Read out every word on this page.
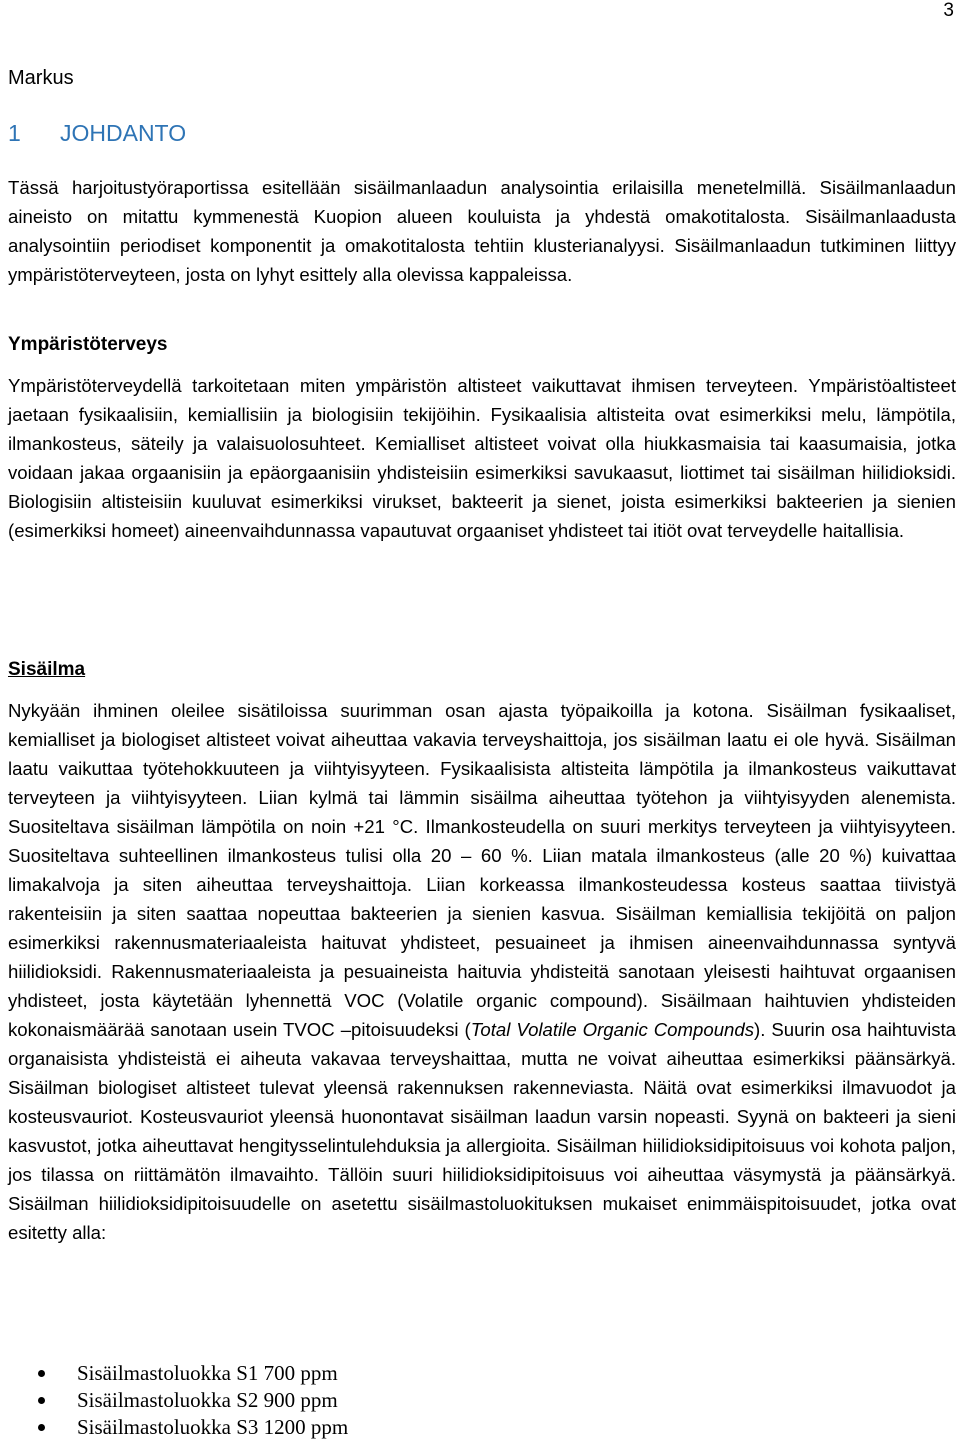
3
Markus
1 JOHDANTO

Tässä harjoitustyöraportissa esitellään sisäilmanlaadun analysointia erilaisilla menetelmillä. Sisäilmanlaadun aineisto on mitattu kymmenestä Kuopion alueen kouluista ja yhdestä omakotitalosta. Sisäilmanlaadusta analysointiin periodiset komponentit ja omakotitalosta tehtiin klusterianalyysi. Sisäilmanlaadun tutkiminen liittyy ympäristöterveyteen, josta on lyhyt esittely alla olevissa kappaleissa.

Ympäristöterveys

Ympäristöterveydellä tarkoitetaan miten ympäristön altisteet vaikuttavat ihmisen terveyteen. Ympäristöaltisteet jaetaan fysikaalisiin, kemiallisiin ja biologisiin tekijöihin. Fysikaalisia altisteita ovat esimerkiksi melu, lämpötila, ilmankosteus, säteily ja valaisuolosuhteet. Kemialliset altisteet voivat olla hiukkasmaisia tai kaasumaisia, jotka voidaan jakaa orgaanisiin ja epäorgaanisiin yhdisteisiin esimerkiksi savukaasut, liottimet tai sisäilman hiilidioksidi. Biologisiin altisteisiin kuuluvat esimerkiksi virukset, bakteerit ja sienet, joista esimerkiksi bakteerien ja sienien (esimerkiksi homeet) aineenvaihdunnassa vapautuvat orgaaniset yhdisteet tai itiöt ovat terveydelle haitallisia.

Sisäilma

Nykyään ihminen oleilee sisätiloissa suurimman osan ajasta työpaikoilla ja kotona. Sisäilman fysikaaliset, kemialliset ja biologiset altisteet voivat aiheuttaa vakavia terveyshaittoja, jos sisäilman laatu ei ole hyvä. Sisäilman laatu vaikuttaa työtehokkuuteen ja viihtyisyyteen. Fysikaalisista altisteita lämpötila ja ilmankosteus vaikuttavat terveyteen ja viihtyisyyteen. Liian kylmä tai lämmin sisäilma aiheuttaa työtehon ja viihtyisyyden alenemista. Suositeltava sisäilman lämpötila on noin +21 °C. Ilmankosteudella on suuri merkitys terveyteen ja viihtyisyyteen. Suositeltava suhteellinen ilmankosteus tulisi olla 20 – 60 %. Liian matala ilmankosteus (alle 20 %) kuivattaa limakalvoja ja siten aiheuttaa terveyshaittoja. Liian korkeassa ilmankosteudessa kosteus saattaa tiivistyä rakenteisiin ja siten saattaa nopeuttaa bakteerien ja sienien kasvua. Sisäilman kemiallisia tekijöitä on paljon esimerkiksi rakennusmateriaaleista haituvat yhdisteet, pesuaineet ja ihmisen aineenvaihdunnassa syntyvä hiilidioksidi. Rakennusmateriaaleista ja pesuaineista haituvia yhdisteitä sanotaan yleisesti haihtuvat orgaanisen yhdisteet, josta käytetään lyhennettä VOC (Volatile organic compound). Sisäilmaan haihtuvien yhdisteiden kokonaismäärää sanotaan usein TVOC –pitoisuudeksi (Total Volatile Organic Compounds). Suurin osa haihtuvista organaisista yhdisteistä ei aiheuta vakavaa terveyshaittaa, mutta ne voivat aiheuttaa esimerkiksi päänsärkyä. Sisäilman biologiset altisteet tulevat yleensä rakennuksen rakenneviasta. Näitä ovat esimerkiksi ilmavuodot ja kosteusvauriot. Kosteusvauriot yleensä huonontavat sisäilman laadun varsin nopeasti. Syynä on bakteeri ja sieni kasvustot, jotka aiheuttavat hengitysselintulehduksia ja allergioita. Sisäilman hiilidioksidipitoisuus voi kohota paljon, jos tilassa on riittämätön ilmavaihto. Tällöin suuri hiilidioksidipitoisuus voi aiheuttaa väsymystä ja päänsärkyä. Sisäilman hiilidioksidipitoisuudelle on asetettu sisäilmastoluokituksen mukaiset enimmäispitoisuudet, jotka ovat esitetty alla:

Sisäilmastoluokka S1 700 ppm
Sisäilmastoluokka S2 900 ppm
Sisäilmastoluokka S3 1200 ppm
